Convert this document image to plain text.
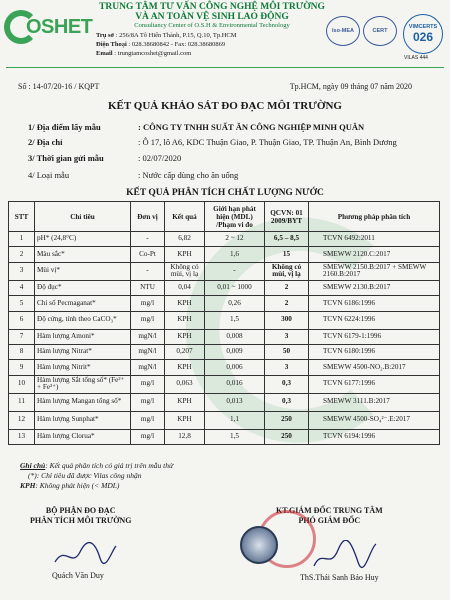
OSHET
TRUNG TÂM TƯ VẤN CÔNG NGHỆ MÔI TRƯỜNG
VÀ AN TOÀN VỆ SINH LAO ĐỘNG
Consultancy Center of O.S.H & Environmental Technology
Trụ sở : 256/8A Tô Hiến Thành, P.15, Q.10, Tp.HCM
Điện Thoại : 028.38680842 - Fax: 028.38680869
Email : trungtamcoshet@gmail.com
Iso-MEA	CERT
VIMCERTS
026
VILAS 444
Số : 14-07/20-16 / KQPT	Tp.HCM, ngày 09 tháng 07 năm 2020
KẾT QUẢ KHẢO SÁT ĐO ĐẠC MÔI TRƯỜNG
1/ Địa điểm lấy mẫu	: CÔNG TY TNHH SUẤT ĂN CÔNG NGHIỆP MINH QUÂN
2/ Địa chỉ	: Ô 17, lô A6, KDC Thuận Giao, P. Thuận Giao, TP. Thuận An, Bình Dương
3/ Thời gian gửi mẫu	: 02/07/2020
4/ Loại mẫu	: Nước cấp dùng cho ăn uống
KẾT QUẢ PHÂN TÍCH CHẤT LƯỢNG NƯỚC
STT	Chỉ tiêu	Đơn vị	Kết quả	Giới hạn phát hiện (MDL) /Phạm vi đo	QCVN: 01 2009/BYT	Phương pháp phân tích
1	pH* (24,8°C)	-	6,82	2 ~ 12	6,5 – 8,5	TCVN 6492:2011
2	Màu sắc*	Co-Pt	KPH	1,6	15	SMEWW 2120.C:2017
3	Mùi vị*	-	Không có mùi, vị lạ	-	Không có mùi, vị lạ	SMEWW 2150.B:2017 + SMEWW 2160.B:2017
4	Độ đục*	NTU	0,04	0,01 ~ 1000	2	SMEWW 2130.B:2017
5	Chỉ số Pecmaganat*	mg/l	KPH	0,26	2	TCVN 6186:1996
6	Độ cứng, tính theo CaCO₃*	mg/l	KPH	1,5	300	TCVN 6224:1996
7	Hàm lượng Amoni*	mgN/l	KPH	0,008	3	TCVN 6179-1:1996
8	Hàm lượng Nitrat*	mgN/l	0,207	0,009	50	TCVN 6180:1996
9	Hàm lượng Nitrit*	mgN/l	KPH	0,006	3	SMEWW 4500-NO₂.B:2017
10	Hàm lượng Sắt tổng số* (Fe²⁺ + Fe³⁺)	mg/l	0,063	0,016	0,3	TCVN 6177:1996
11	Hàm lượng Mangan tổng số*	mg/l	KPH	0,013	0,3	SMEWW 3111.B:2017
12	Hàm lượng Sunphat*	mg/l	KPH	1,1	250	SMEWW 4500-SO₄²⁻.E:2017
13	Hàm lượng Clorua*	mg/l	12,8	1,5	250	TCVN 6194:1996
Ghi chú: Kết quả phân tích có giá trị trên mẫu thử
(*): Chỉ tiêu đã được Vilas công nhận
KPH: Không phát hiện (< MDL)
BỘ PHẬN ĐO ĐẠC
PHÂN TÍCH MÔI TRƯỜNG
KT.GIÁM ĐỐC TRUNG TÂM
PHÓ GIÁM ĐỐC
Quách Văn Duy	ThS.Thái Sanh Bảo Huy
